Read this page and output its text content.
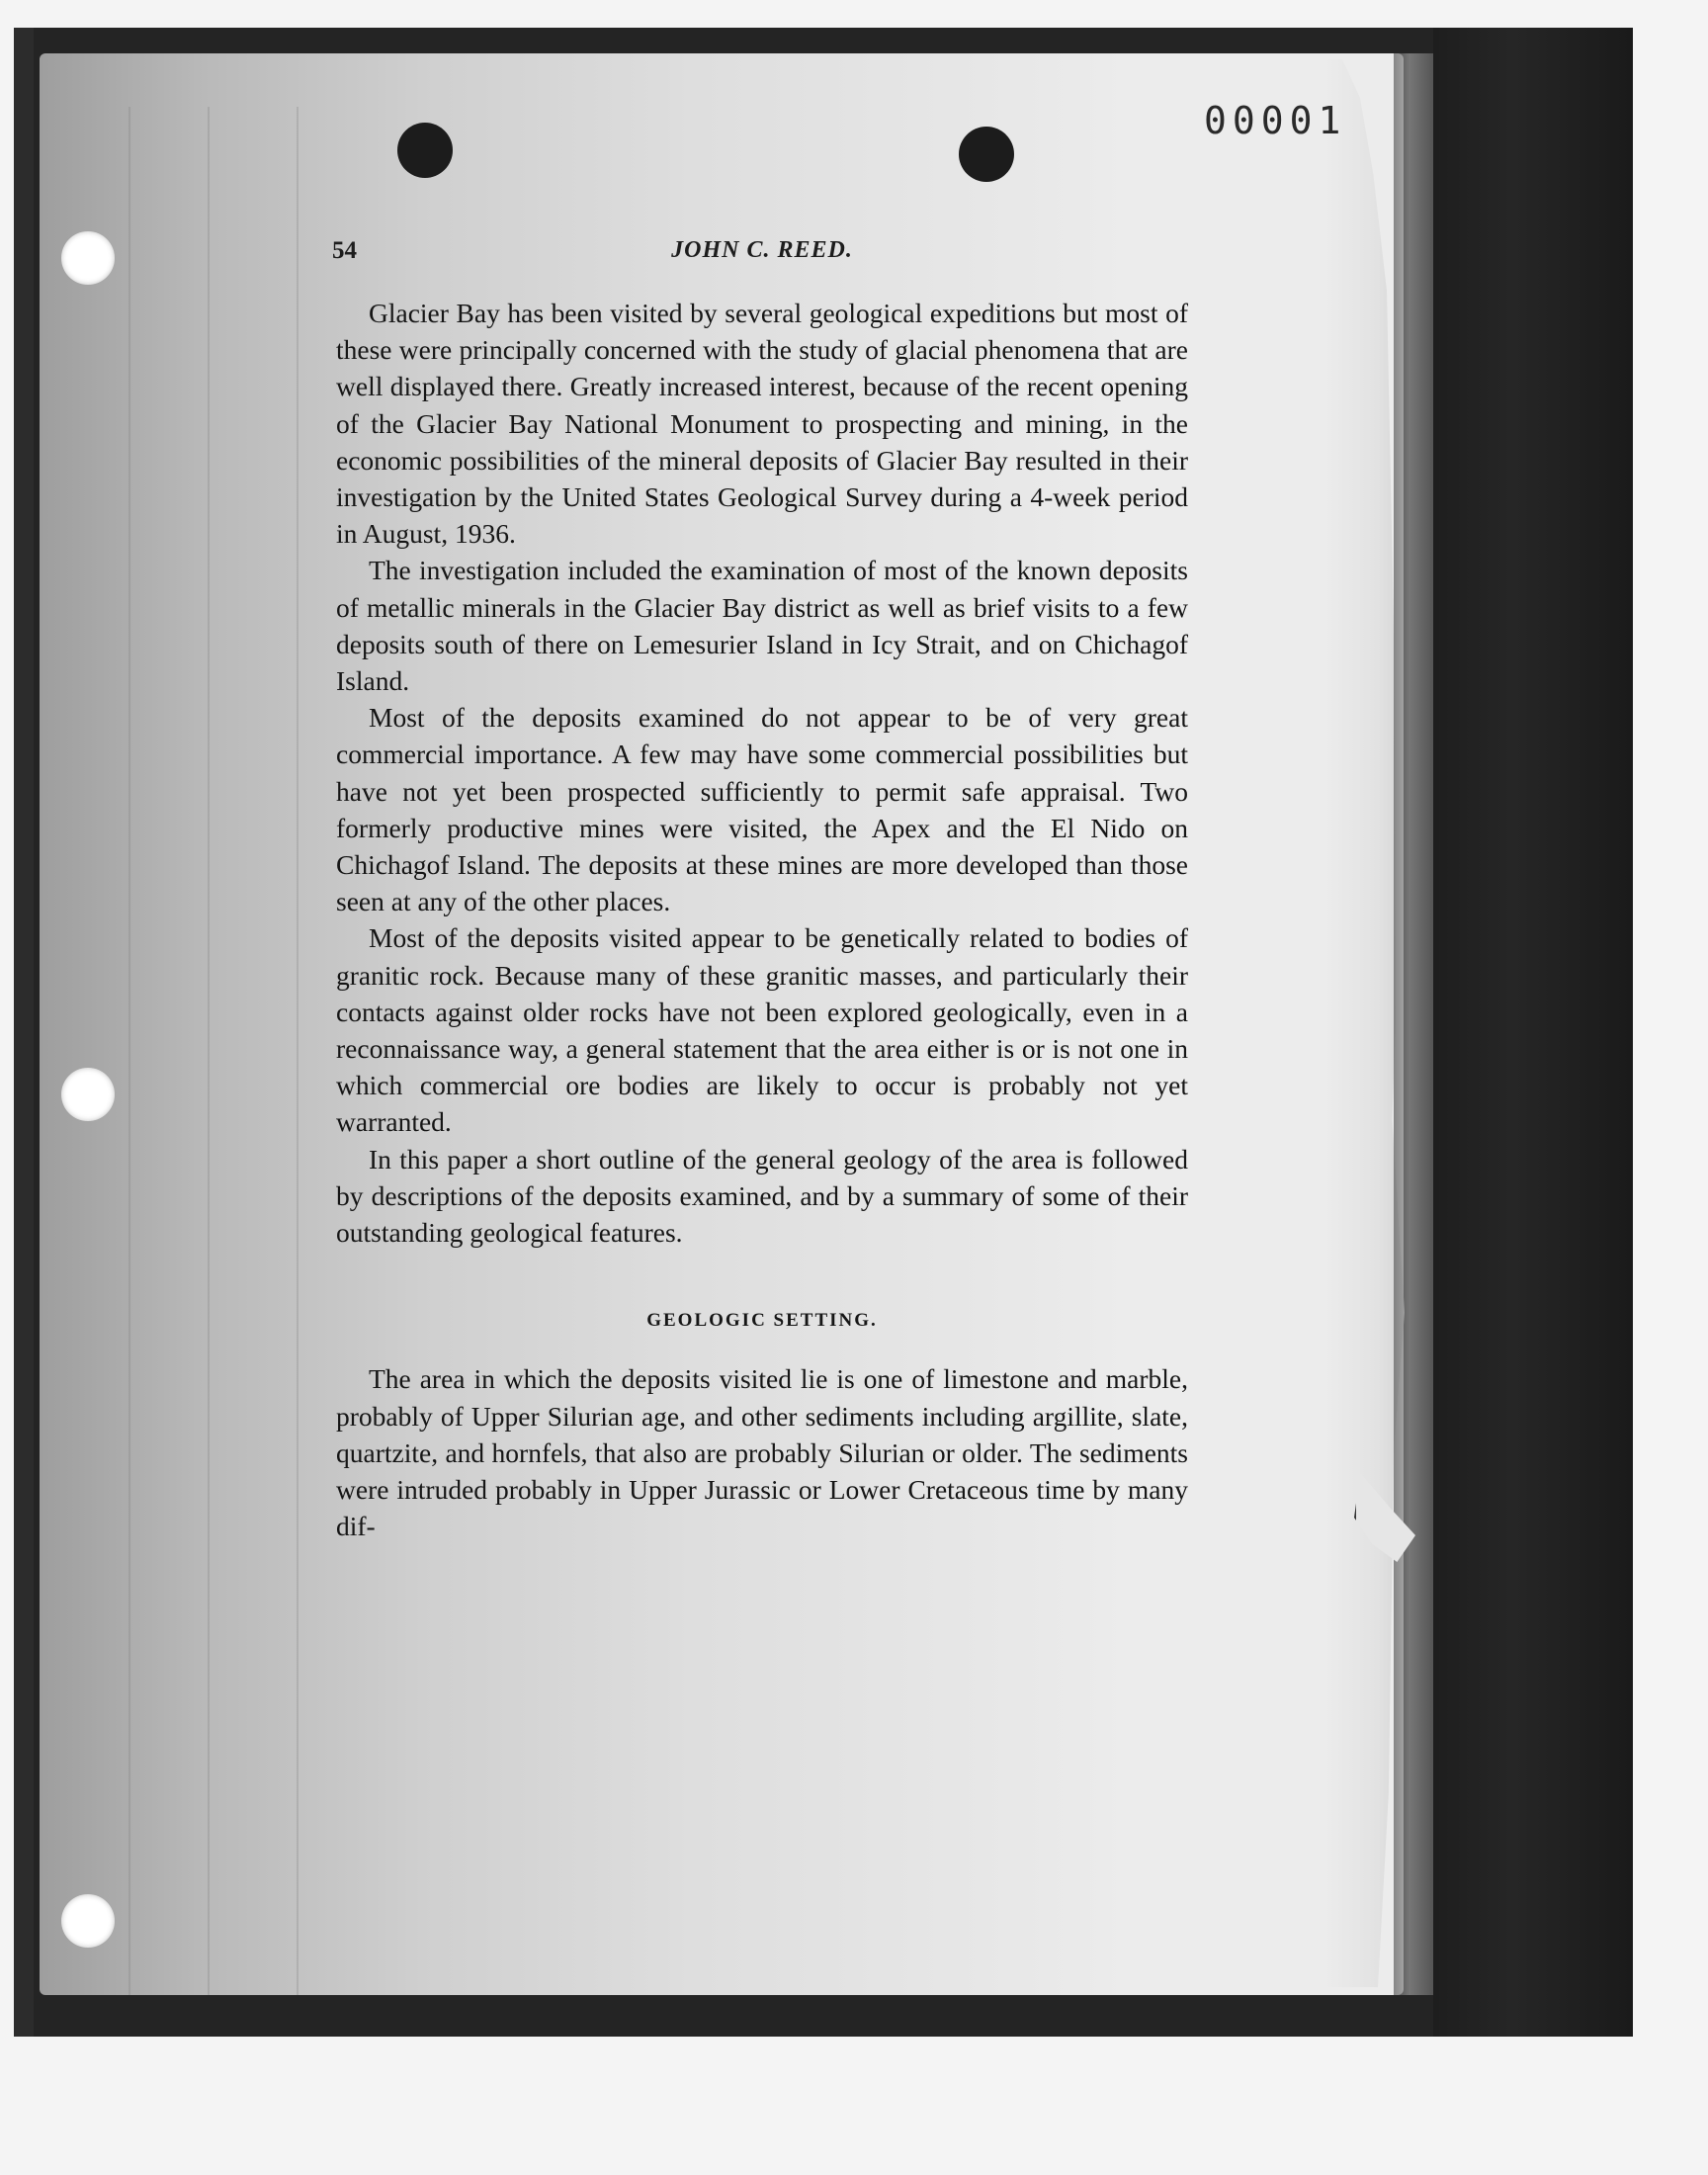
00001
54	JOHN C. REED.

Glacier Bay has been visited by several geological expeditions but most of these were principally concerned with the study of glacial phenomena that are well displayed there. Greatly increased interest, because of the recent opening of the Glacier Bay National Monument to prospecting and mining, in the economic possibilities of the mineral deposits of Glacier Bay resulted in their investigation by the United States Geological Survey during a 4-week period in August, 1936.

The investigation included the examination of most of the known deposits of metallic minerals in the Glacier Bay district as well as brief visits to a few deposits south of there on Lemesurier Island in Icy Strait, and on Chichagof Island.

Most of the deposits examined do not appear to be of very great commercial importance. A few may have some commercial possibilities but have not yet been prospected sufficiently to permit safe appraisal. Two formerly productive mines were visited, the Apex and the El Nido on Chichagof Island. The deposits at these mines are more developed than those seen at any of the other places.

Most of the deposits visited appear to be genetically related to bodies of granitic rock. Because many of these granitic masses, and particularly their contacts against older rocks have not been explored geologically, even in a reconnaissance way, a general statement that the area either is or is not one in which commercial ore bodies are likely to occur is probably not yet warranted.

In this paper a short outline of the general geology of the area is followed by descriptions of the deposits examined, and by a summary of some of their outstanding geological features.

GEOLOGIC SETTING.

The area in which the deposits visited lie is one of limestone and marble, probably of Upper Silurian age, and other sediments including argillite, slate, quartzite, and hornfels, that also are probably Silurian or older. The sediments were intruded probably in Upper Jurassic or Lower Cretaceous time by many dif-
